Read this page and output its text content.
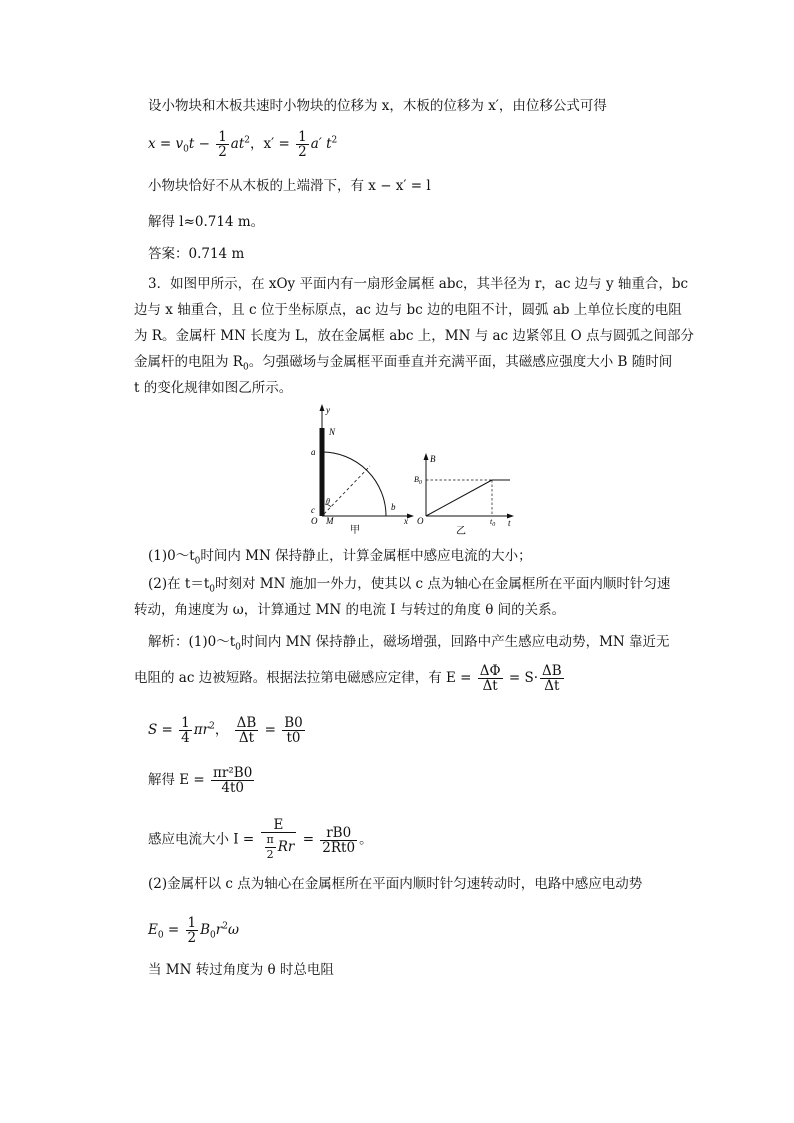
设小物块和木板共速时小物块的位移为 x，木板的位移为 x′，由位移公式可得
$x = v_0t - \frac{1}{2} at^2$，$x' = \frac{1}{2} a'$ $t^2$
小物块恰好不从木板的上端滑下，有 x − x′ = l
解得 l≈0.714 m。
答案：0.714 m
3．如图甲所示，在 xOy 平面内有一扇形金属框 abc，其半径为 r，ac 边与 y 轴重合，bc
边与 x 轴重合，且 c 位于坐标原点，ac 边与 bc 边的电阻不计，圆弧 ab 上单位长度的电阻
为 R。金属杆 MN 长度为 L，放在金属框 abc 上，MN 与 ac 边紧邻且 O 点与圆弧之间部分
金属杆的电阻为 $R_0$。匀强磁场与金属框平面垂直并充满平面，其磁感应强度大小 B 随时间
t 的变化规律如图乙所示。
y
N
a
c
θ
O M
b
x
甲
B
$B_0$
O	$t_0$ t
乙
$(1)0\sim t_0$时间内 MN 保持静止，计算金属框中感应电流的大小；
(2)在 $t=t_0$时刻对 MN 施加一外力，使其以 c 点为轴心在金属框所在平面内顺时针匀速
转动，角速度为 ω，计算通过 MN 的电流 I 与转过的角度 θ 间的关系。
解析：$(1)0\sim t_0$时间内 MN 保持静止，磁场增强，回路中产生感应电动势，MN 靠近无
电阻的 ac 边被短路。根据法拉第电磁感应定律，有 $E = \frac{\Delta\Phi}{\Delta t} = S\cdot \frac{\Delta B}{\Delta t}$
$S = \frac{1}{4} \pi r^2$， $\frac{\Delta B}{\Delta t} = \frac{B0}{t0}$
解得 $E = \frac{\text{πr²B0}}{4t0}$
感应电流大小 $I = \frac{E}{\frac{\pi}{2} Rr} = \frac{rB0}{2Rt0}$ 。
(2)金属杆以 c 点为轴心在金属框所在平面内顺时针匀速转动时，电路中感应电动势
$E_0 = \frac{1}{2} B_0r^2\omega$
当 MN 转过角度为 θ 时总电阻
